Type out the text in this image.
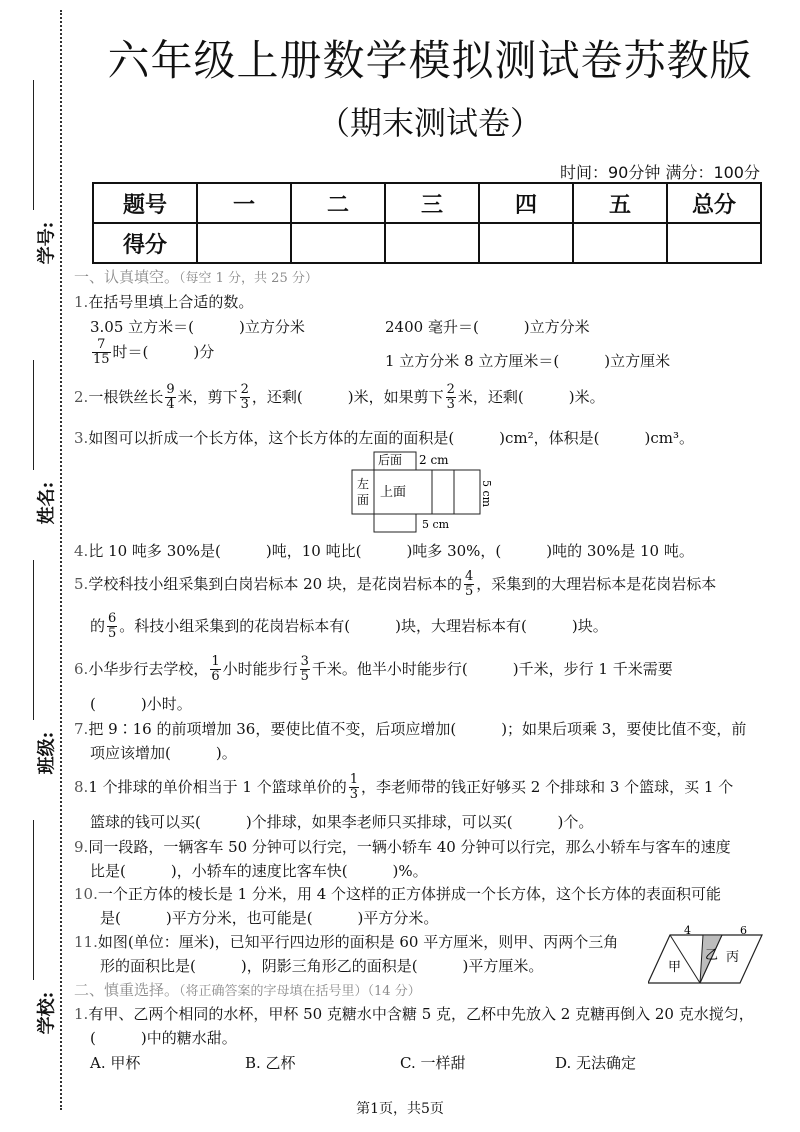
学号:
姓名:
班级:
学校:
六年级上册数学模拟测试卷苏教版
（期末测试卷）
时间：90分钟 满分：100分
题号	一	二	三	四	五	总分
得分						
一、认真填空。（每空 1 分，共 25 分）
1.在括号里填上合适的数。
3.05 立方米＝(　　　)立方分米	2400 毫升＝(　　　)立方分米
$\frac{7}{15}$ 时＝(　　　)分
1 立方分米 8 立方厘米＝(　　　)立方厘米
2.一根铁丝长 $\frac{9}{4}$ 米，剪下 $\frac{2}{3}$ ，还剩(　　　)米，如果剪下 $\frac{2}{3}$ 米，还剩(　　　)米。
3.如图可以折成一个长方体，这个长方体的左面的面积是(　　　)cm²，体积是(　　　)cm³。
后面 2 cm
左
面 上面	5 cm
5 cm
4.比 10 吨多 30%是(　　　)吨，10 吨比(　　　)吨多 30%，(　　　)吨的 30%是 10 吨。
5.学校科技小组采集到白岗岩标本 20 块，是花岗岩标本的 $\frac{4}{5}$ ，采集到的大理岩标本是花岗岩标本
的 $\frac{6}{5}$ 。科技小组采集到的花岗岩标本有(　　　)块，大理岩标本有(　　　)块。
6.小华步行去学校， $\frac{1}{6}$ 小时能步行 $\frac{3}{5}$ 千米。他半小时能步行(　　　)千米，步行 1 千米需要
(　　　)小时。
7.把 9∶16 的前项增加 36，要使比值不变，后项应增加(　　　)；如果后项乘 3，要使比值不变，前
项应该增加(　　　)。
8.1 个排球的单价相当于 1 个篮球单价的 $\frac{1}{3}$ ，李老师带的钱正好够买 2 个排球和 3 个篮球，买 1 个
篮球的钱可以买(　　　)个排球，如果李老师只买排球，可以买(　　　)个。
9.同一段路，一辆客车 50 分钟可以行完，一辆小轿车 40 分钟可以行完，那么小轿车与客车的速度
比是(　　　)，小轿车的速度比客车快(　　　)%。
10.一个正方体的棱长是 1 分米，用 4 个这样的正方体拼成一个长方体，这个长方体的表面积可能
是(　　　)平方分米，也可能是(　　　)平方分米。
11.如图(单位：厘米)，已知平行四边形的面积是 60 平方厘米，则甲、丙两个三角
形的面积比是(　　　)，阴影三角形乙的面积是(　　　)平方厘米。
4	6
甲
乙 丙
二、慎重选择。（将正确答案的字母填在括号里）（14 分）
1.有甲、乙两个相同的水杯，甲杯 50 克糖水中含糖 5 克，乙杯中先放入 2 克糖再倒入 20 克水搅匀，
(　　　)中的糖水甜。
A. 甲杯	B. 乙杯	C. 一样甜	D. 无法确定
第1页，共5页
